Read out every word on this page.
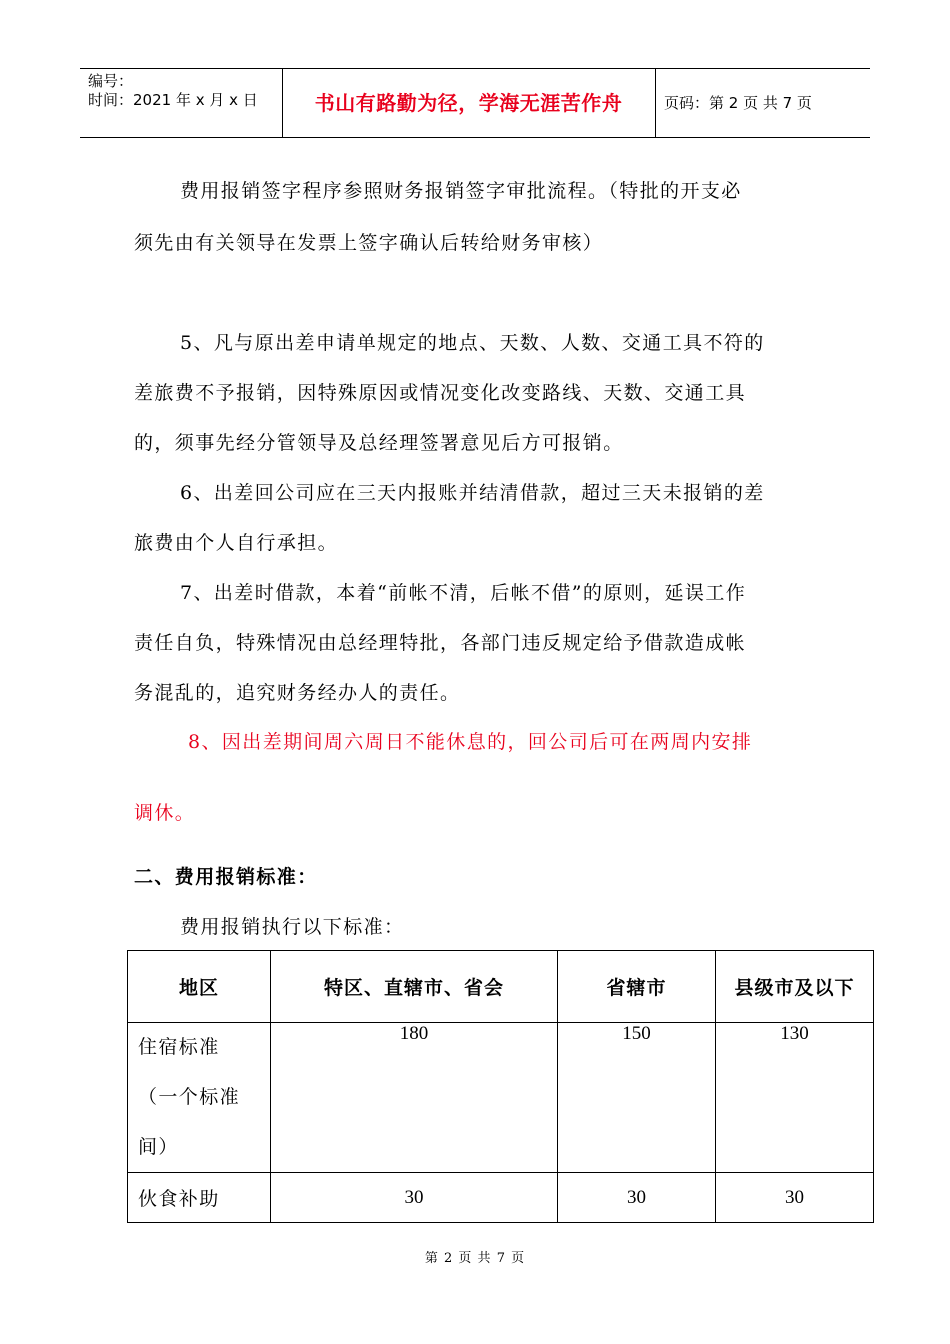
编号：
时间：2021 年 x 月 x 日	书山有路勤为径，学海无涯苦作舟	页码：第 2 页 共 7 页
费用报销签字程序参照财务报销签字审批流程。（特批的开支必
须先由有关领导在发票上签字确认后转给财务审核）
5、凡与原出差申请单规定的地点、天数、人数、交通工具不符的
差旅费不予报销，因特殊原因或情况变化改变路线、天数、交通工具
的，须事先经分管领导及总经理签署意见后方可报销。
6、出差回公司应在三天内报账并结清借款，超过三天未报销的差
旅费由个人自行承担。
7、出差时借款，本着“前帐不清，后帐不借”的原则，延误工作
责任自负，特殊情况由总经理特批，各部门违反规定给予借款造成帐
务混乱的，追究财务经办人的责任。
8、因出差期间周六周日不能休息的，回公司后可在两周内安排
调休。
二、费用报销标准：
费用报销执行以下标准：
地区	特区、直辖市、省会	省辖市	县级市及以下

住宿标准
（一个标准
间）	180	150	130
伙食补助	30	30	30
第 2 页 共 7 页
